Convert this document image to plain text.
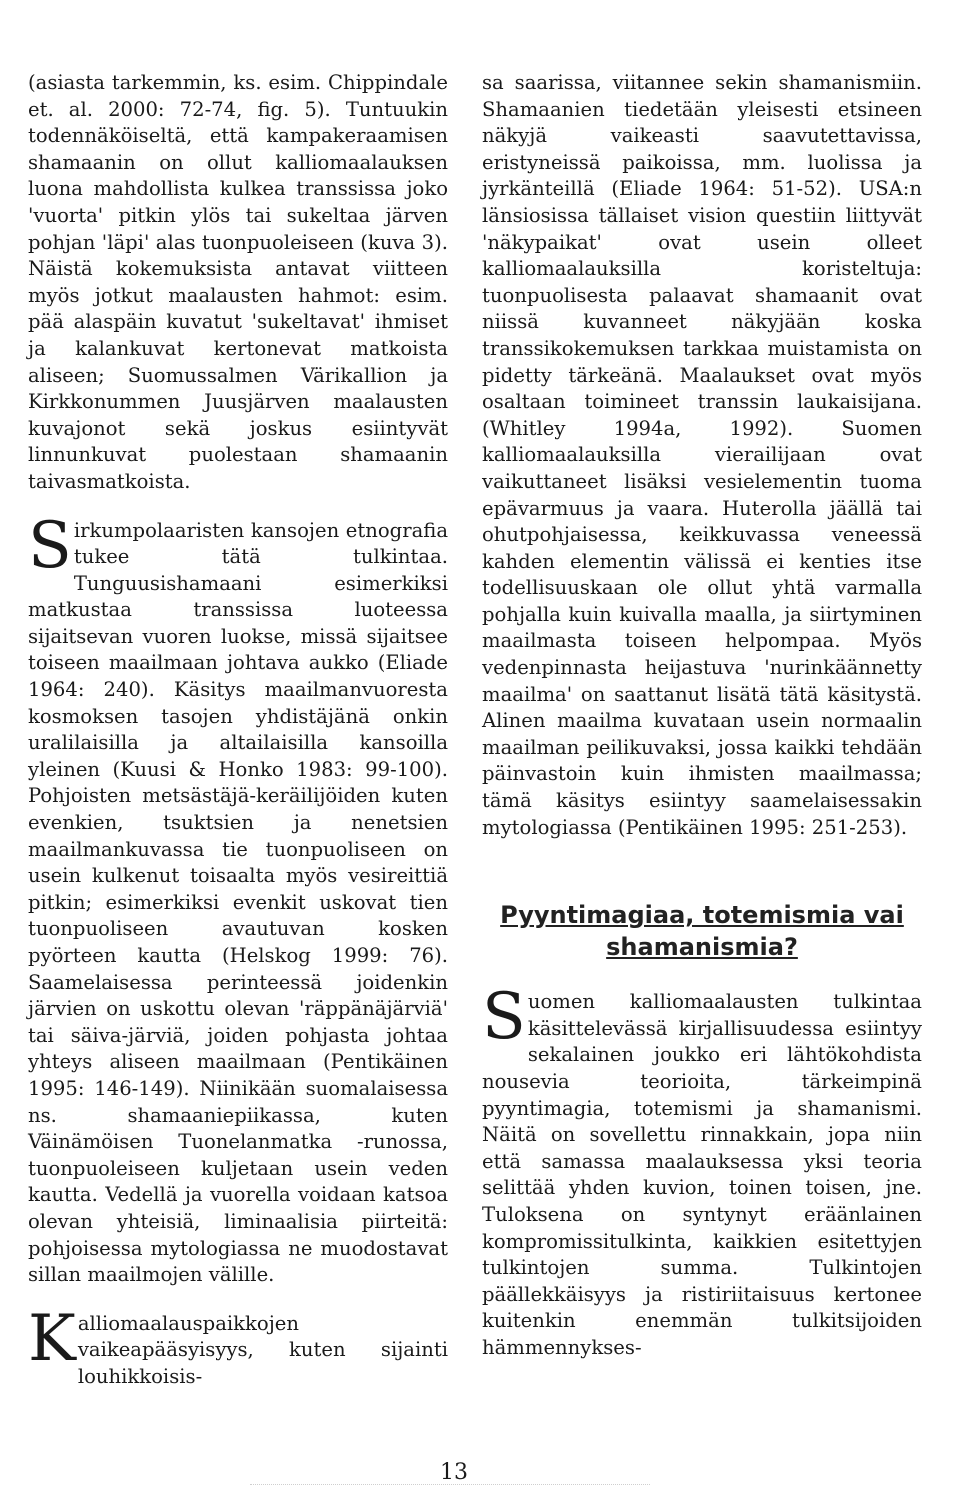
(asiasta tarkemmin, ks. esim. Chippindale et. al. 2000: 72-74, fig. 5). Tuntuukin todennäköiseltä, että kampakeraamisen shamaanin on ollut kalliomaalauksen luona mahdollista kulkea transsissa joko 'vuorta' pitkin ylös tai sukeltaa järven pohjan 'läpi' alas tuonpuoleiseen (kuva 3). Näistä kokemuksista antavat viitteen myös jotkut maalausten hahmot: esim. pää alaspäin kuvatut 'sukeltavat' ihmiset ja kalankuvat kertonevat matkoista aliseen; Suomussalmen Värikallion ja Kirkkonummen Juusjärven maalausten kuvajonot sekä joskus esiintyvät linnunkuvat puolestaan shamaanin taivasmatkoista.

Sirkumpolaaristen kansojen etnografia tukee tätä tulkintaa. Tunguusishamaani esimerkiksi matkustaa transsissa luoteessa sijaitsevan vuoren luokse, missä sijaitsee toiseen maailmaan johtava aukko (Eliade 1964: 240). Käsitys maailmanvuoresta kosmoksen tasojen yhdistäjänä onkin uralilaisilla ja altailaisilla kansoilla yleinen (Kuusi & Honko 1983: 99-100). Pohjoisten metsästäjä-keräilijöiden kuten evenkien, tsuktsien ja nenetsien maailmankuvassa tie tuonpuoliseen on usein kulkenut toisaalta myös vesireittiä pitkin; esimerkiksi evenkit uskovat tien tuonpuoliseen avautuvan kosken pyörteen kautta (Helskog 1999: 76). Saamelaisessa perinteessä joidenkin järvien on uskottu olevan 'räppänäjärviä' tai säiva-järviä, joiden pohjasta johtaa yhteys aliseen maailmaan (Pentikäinen 1995: 146-149). Niinikään suomalaisessa ns. shamaaniepiikassa, kuten Väinämöisen Tuonelanmatka -runossa, tuonpuoleiseen kuljetaan usein veden kautta. Vedellä ja vuorella voidaan katsoa olevan yhteisiä, liminaalisia piirteitä: pohjoisessa mytologiassa ne muodostavat sillan maailmojen välille.

Kalliomaalauspaikkojen vaikeapääsyisyys, kuten sijainti louhikkoisis-

sa saarissa, viitannee sekin shamanismiin. Shamaanien tiedetään yleisesti etsineen näkyjä vaikeasti saavutettavissa, eristyneissä paikoissa, mm. luolissa ja jyrkänteillä (Eliade 1964: 51-52). USA:n länsiosissa tällaiset vision questiin liittyvät 'näkypaikat' ovat usein olleet kalliomaalauksilla koristeltuja: tuonpuolisesta palaavat shamaanit ovat niissä kuvanneet näkyjään koska transsikokemuksen tarkkaa muistamista on pidetty tärkeänä. Maalaukset ovat myös osaltaan toimineet transsin laukaisijana. (Whitley 1994a, 1992). Suomen kalliomaalauksilla vierailijaan ovat vaikuttaneet lisäksi vesielementin tuoma epävarmuus ja vaara. Huterolla jäällä tai ohutpohjaisessa, keikkuvassa veneessä kahden elementin välissä ei kenties itse todellisuuskaan ole ollut yhtä varmalla pohjalla kuin kuivalla maalla, ja siirtyminen maailmasta toiseen helpompaa. Myös vedenpinnasta heijastuva 'nurinkäännetty maailma' on saattanut lisätä tätä käsitystä. Alinen maailma kuvataan usein normaalin maailman peilikuvaksi, jossa kaikki tehdään päinvastoin kuin ihmisten maailmassa; tämä käsitys esiintyy saamelaisessakin mytologiassa (Pentikäinen 1995: 251-253).

Pyyntimagiaa, totemismia vai shamanismia?

Suomen kalliomaalausten tulkintaa käsittelevässä kirjallisuudessa esiintyy sekalainen joukko eri lähtökohdista nousevia teorioita, tärkeimpinä pyyntimagia, totemismi ja shamanismi. Näitä on sovellettu rinnakkain, jopa niin että samassa maalauksessa yksi teoria selittää yhden kuvion, toinen toisen, jne. Tuloksena on syntynyt eräänlainen kompromissitulkinta, kaikkien esitettyjen tulkintojen summa. Tulkintojen päällekkäisyys ja ristiriitaisuus kertonee kuitenkin enemmän tulkitsijoiden hämmennykses-

13
